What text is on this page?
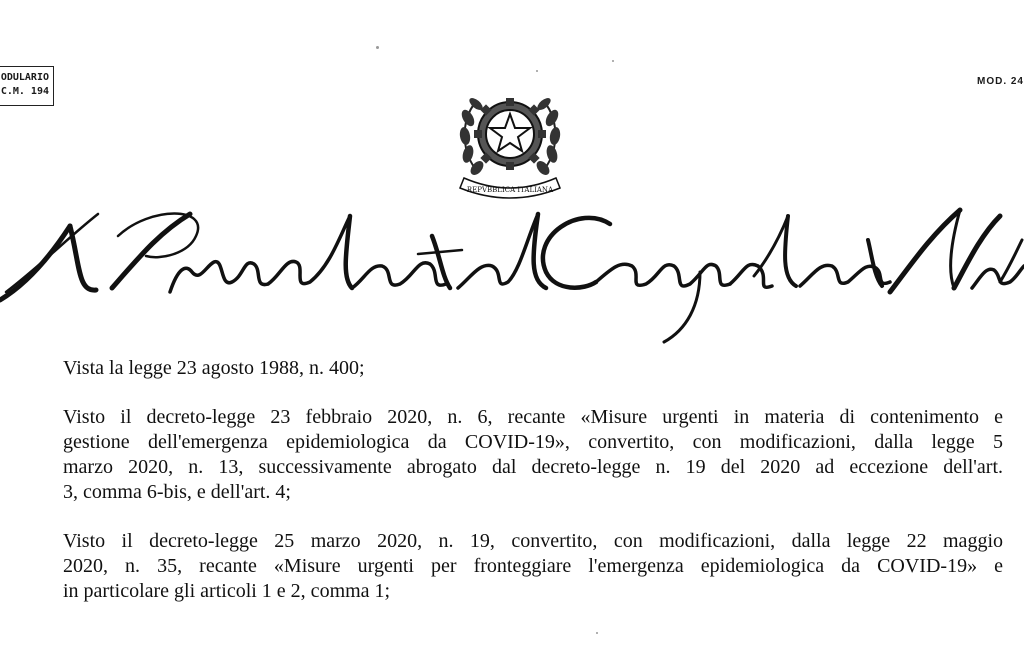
ODULARIO
C.M. 194
MOD. 24
REPVBBLICA ITALIANA
Vista la legge 23 agosto 1988, n. 400;
Visto il decreto-legge 23 febbraio 2020, n. 6, recante «Misure urgenti in materia di contenimento e
gestione dell'emergenza epidemiologica da COVID-19», convertito, con modificazioni, dalla legge 5
marzo 2020, n. 13, successivamente abrogato dal decreto-legge n. 19 del 2020 ad eccezione dell'art.
3, comma 6-bis, e dell'art. 4;
Visto il decreto-legge 25 marzo 2020, n. 19, convertito, con modificazioni, dalla legge 22 maggio
2020, n. 35, recante «Misure urgenti per fronteggiare l'emergenza epidemiologica da COVID-19» e
in particolare gli articoli 1 e 2, comma 1;
